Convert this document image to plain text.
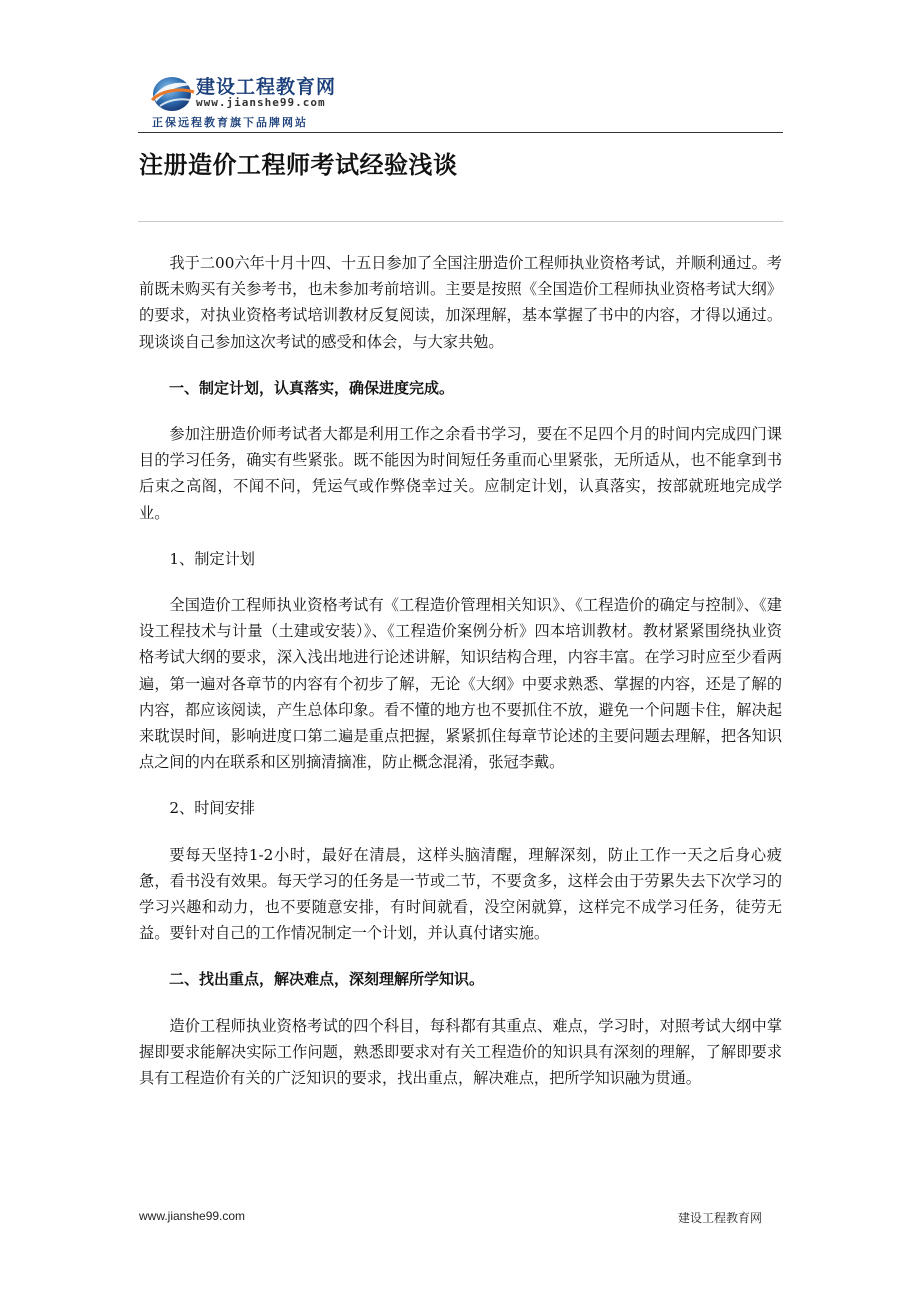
建设工程教育网
www.jianshe99.com
正保远程教育旗下品牌网站
注册造价工程师考试经验浅谈

我于二00六年十月十四、十五日参加了全国注册造价工程师执业资格考试，并顺利通过。考前既未购买有关参考书，也未参加考前培训。主要是按照《全国造价工程师执业资格考试大纲》的要求，对执业资格考试培训教材反复阅读，加深理解，基本掌握了书中的内容，才得以通过。现谈谈自己参加这次考试的感受和体会，与大家共勉。

一、制定计划，认真落实，确保进度完成。

参加注册造价师考试者大都是利用工作之余看书学习，要在不足四个月的时间内完成四门课目的学习任务，确实有些紧张。既不能因为时间短任务重而心里紧张，无所适从，也不能拿到书后束之高阁，不闻不问，凭运气或作弊侥幸过关。应制定计划，认真落实，按部就班地完成学业。

1、制定计划

全国造价工程师执业资格考试有《工程造价管理相关知识》、《工程造价的确定与控制》、《建设工程技术与计量（土建或安装）》、《工程造价案例分析》四本培训教材。教材紧紧围绕执业资格考试大纲的要求，深入浅出地进行论述讲解，知识结构合理，内容丰富。在学习时应至少看两遍，第一遍对各章节的内容有个初步了解，无论《大纲》中要求熟悉、掌握的内容，还是了解的内容，都应该阅读，产生总体印象。看不懂的地方也不要抓住不放，避免一个问题卡住，解决起来耽误时间，影响进度口第二遍是重点把握，紧紧抓住每章节论述的主要问题去理解，把各知识点之间的内在联系和区别摘清摘准，防止概念混淆，张冠李戴。

2、时间安排

要每天坚持1-2小时，最好在清晨，这样头脑清醒，理解深刻，防止工作一天之后身心疲惫，看书没有效果。每天学习的任务是一节或二节，不要贪多，这样会由于劳累失去下次学习的学习兴趣和动力，也不要随意安排，有时间就看，没空闲就算，这样完不成学习任务，徒劳无益。要针对自己的工作情况制定一个计划，并认真付诸实施。

二、找出重点，解决难点，深刻理解所学知识。

造价工程师执业资格考试的四个科目，每科都有其重点、难点，学习时，对照考试大纲中掌握即要求能解决实际工作问题，熟悉即要求对有关工程造价的知识具有深刻的理解，了解即要求具有工程造价有关的广泛知识的要求，找出重点，解决难点，把所学知识融为贯通。

www.jianshe99.com	建设工程教育网
